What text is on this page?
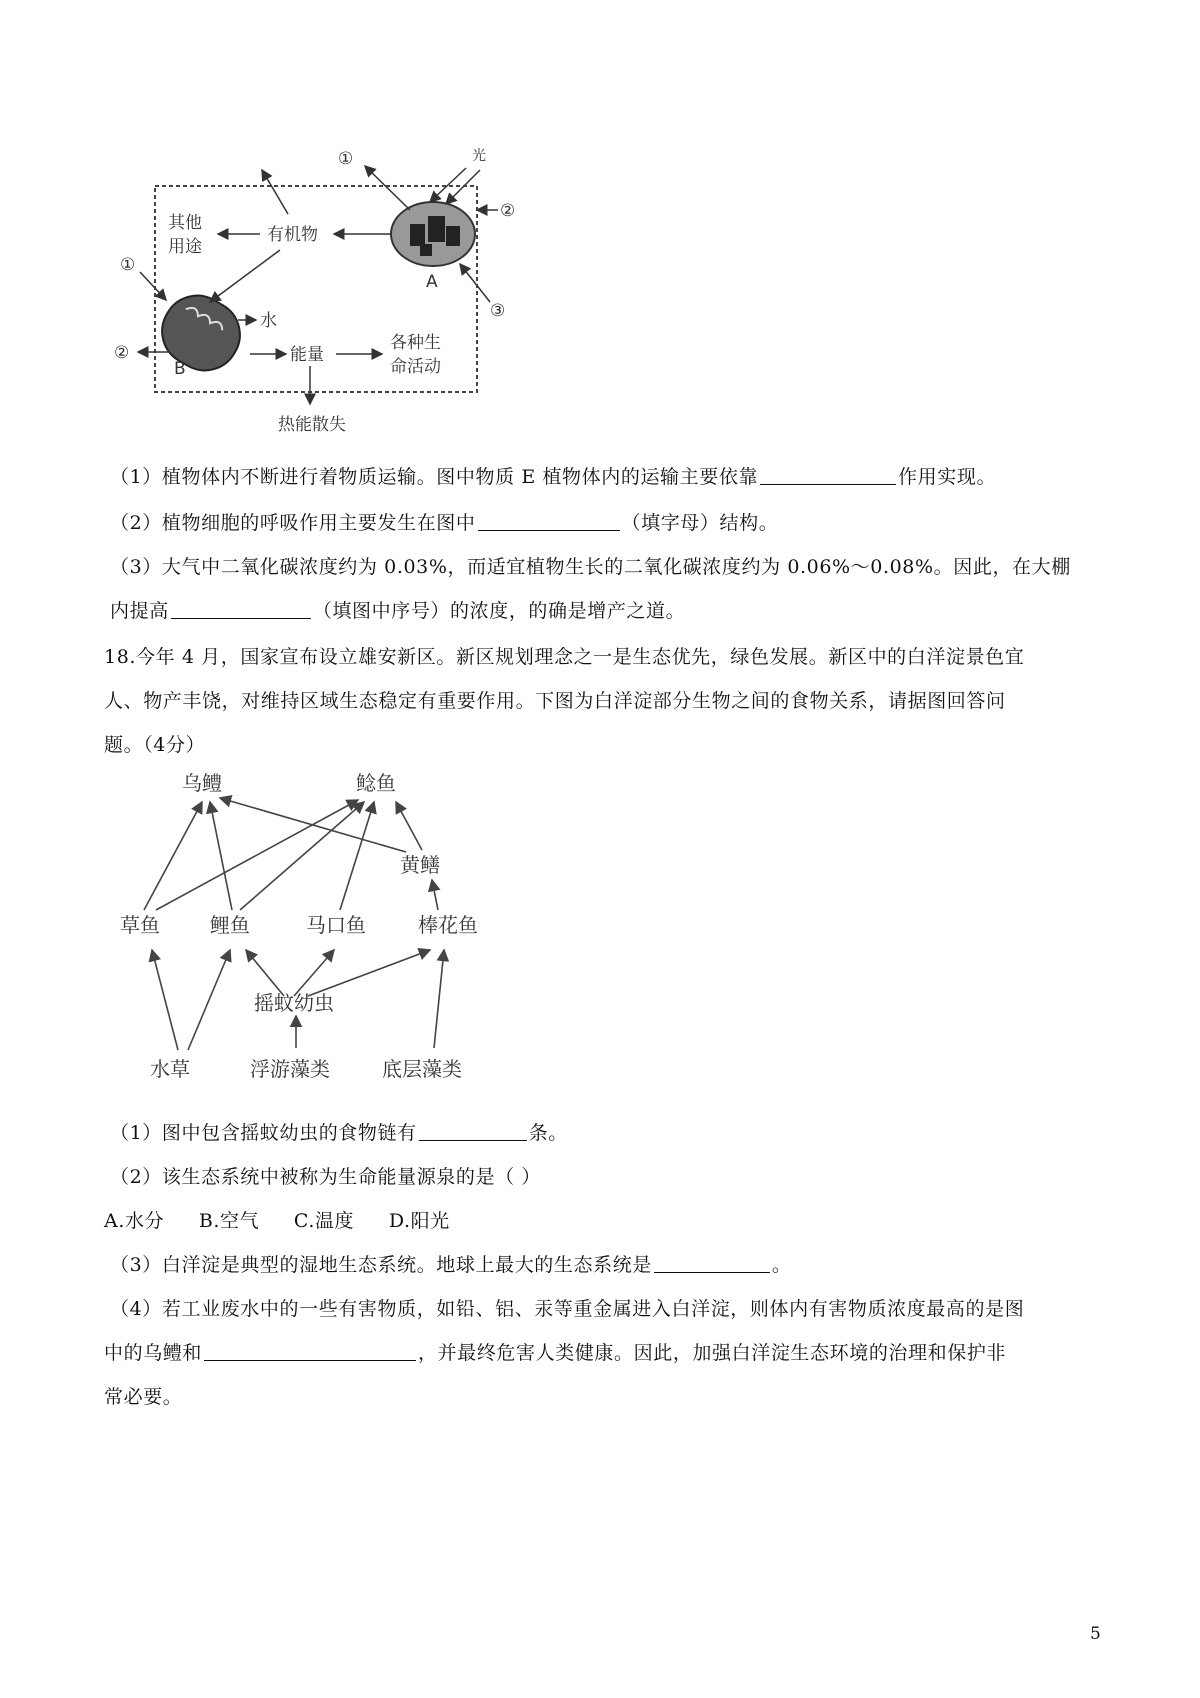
A
光
①
②
③
有机物
其他
用途
B
①
②
水
能量
各种生
命活动
热能散失
（1）植物体内不断进行着物质运输。图中物质 E 植物体内的运输主要依靠	作用实现。
（2）植物细胞的呼吸作用主要发生在图中	（填字母）结构。
（3）大气中二氧化碳浓度约为 0.03%，而适宜植物生长的二氧化碳浓度约为 0.06%～0.08%。因此，在大棚
内提高	（填图中序号）的浓度，的确是增产之道。
18.今年 4 月，国家宣布设立雄安新区。新区规划理念之一是生态优先，绿色发展。新区中的白洋淀景色宜
人、物产丰饶，对维持区域生态稳定有重要作用。下图为白洋淀部分生物之间的食物关系，请据图回答问
题。（4分）
乌鳢	鲶鱼
黄鳝
草鱼	鲤鱼	马口鱼	棒花鱼
摇蚊幼虫
水草	浮游藻类	底层藻类
（1）图中包含摇蚊幼虫的食物链有	条。
（2）该生态系统中被称为生命能量源泉的是（ ）
A.水分 B.空气 C.温度 D.阳光
（3）白洋淀是典型的湿地生态系统。地球上最大的生态系统是	。
（4）若工业废水中的一些有害物质，如铅、铝、汞等重金属进入白洋淀，则体内有害物质浓度最高的是图
中的乌鳢和	，并最终危害人类健康。因此，加强白洋淀生态环境的治理和保护非
常必要。
5
